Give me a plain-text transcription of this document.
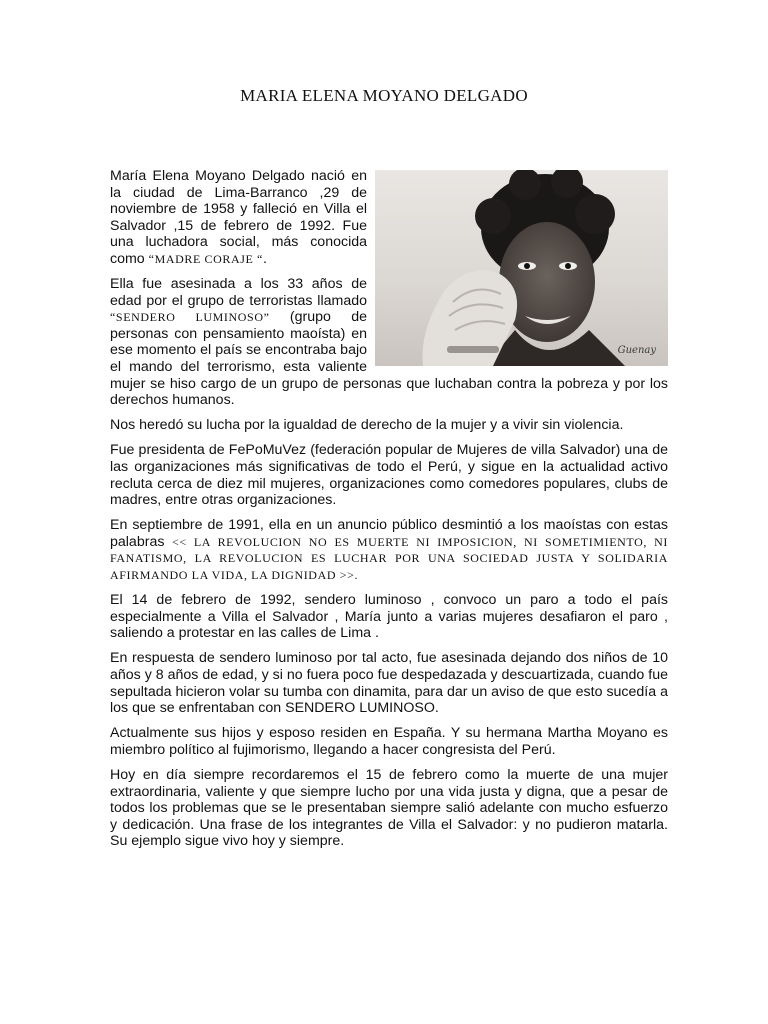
MARIA ELENA MOYANO DELGADO
Guenay

María Elena Moyano Delgado nació en la ciudad de Lima-Barranco ,29 de noviembre de 1958 y falleció en Villa el Salvador ,15 de febrero de 1992. Fue una luchadora social, más conocida como “MADRE CORAJE “.

Ella fue asesinada a los 33 años de edad por el grupo de terroristas llamado “SENDERO LUMINOSO” (grupo de personas con pensamiento maoísta) en ese momento el país se encontraba bajo el mando del terrorismo, esta valiente mujer se hiso cargo de un grupo de personas que luchaban contra la pobreza y por los derechos humanos.

Nos heredó su lucha por la igualdad de derecho de la mujer y a vivir sin violencia.

Fue presidenta de FePoMuVez (federación popular de Mujeres de villa Salvador) una de las organizaciones más significativas de todo el Perú, y sigue en la actualidad activo recluta cerca de diez mil mujeres, organizaciones como comedores populares, clubs de madres, entre otras organizaciones.

En septiembre de 1991, ella en un anuncio público desmintió a los maoístas con estas palabras << LA REVOLUCION NO ES MUERTE NI IMPOSICION, NI SOMETIMIENTO, NI FANATISMO, LA REVOLUCION ES LUCHAR POR UNA SOCIEDAD JUSTA Y SOLIDARIA AFIRMANDO LA VIDA, LA DIGNIDAD >>.

El 14 de febrero de 1992, sendero luminoso , convoco un paro a todo el país especialmente a Villa el Salvador , María junto a varias mujeres desafiaron el paro , saliendo a protestar en las calles de Lima .

En respuesta de sendero luminoso por tal acto, fue asesinada dejando dos niños de 10 años y 8 años de edad, y si no fuera poco fue despedazada y descuartizada, cuando fue sepultada hicieron volar su tumba con dinamita, para dar un aviso de que esto sucedía a los que se enfrentaban con SENDERO LUMINOSO.

Actualmente sus hijos y esposo residen en España. Y su hermana Martha Moyano es miembro político al fujimorismo, llegando a hacer congresista del Perú.

Hoy en día siempre recordaremos el 15 de febrero como la muerte de una mujer extraordinaria, valiente y que siempre lucho por una vida justa y digna, que a pesar de todos los problemas que se le presentaban siempre salió adelante con mucho esfuerzo y dedicación. Una frase de los integrantes de Villa el Salvador: y no pudieron matarla. Su ejemplo sigue vivo hoy y siempre.
